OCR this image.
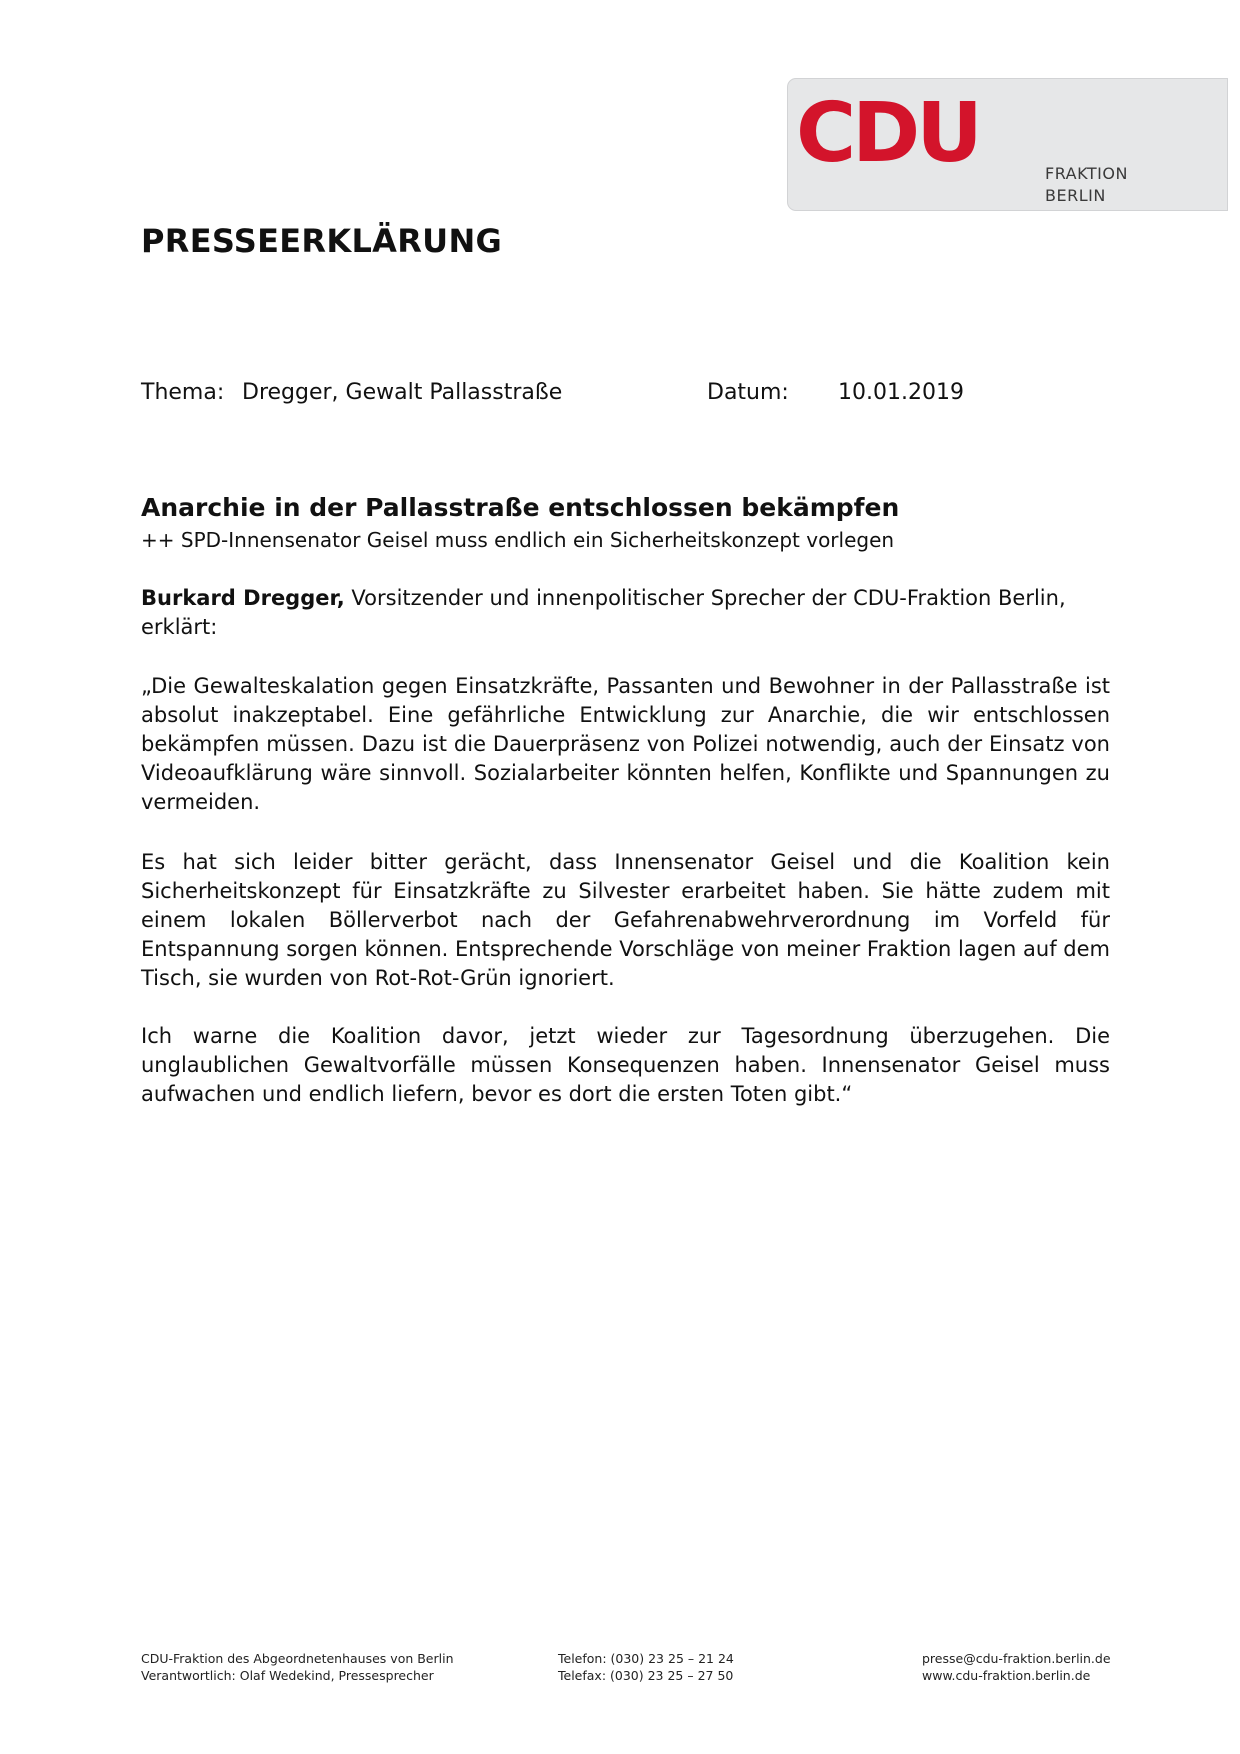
CDU	FRAKTION
BERLIN
PRESSEERKLÄRUNG
Thema: Dregger, Gewalt Pallasstraße	Datum: 10.01.2019
Anarchie in der Pallasstraße entschlossen bekämpfen
++ SPD-Innensenator Geisel muss endlich ein Sicherheitskonzept vorlegen
Burkard Dregger, Vorsitzender und innenpolitischer Sprecher der CDU-Fraktion Berlin, erklärt:
„Die Gewalteskalation gegen Einsatzkräfte, Passanten und Bewohner in der Pallasstraße ist absolut inakzeptabel. Eine gefährliche Entwicklung zur Anarchie, die wir entschlossen bekämpfen müssen. Dazu ist die Dauerpräsenz von Polizei notwendig, auch der Einsatz von Videoaufklärung wäre sinnvoll. Sozialarbeiter könnten helfen, Konflikte und Spannungen zu vermeiden.
Es hat sich leider bitter gerächt, dass Innensenator Geisel und die Koalition kein Sicherheitskonzept für Einsatzkräfte zu Silvester erarbeitet haben. Sie hätte zudem mit einem lokalen Böllerverbot nach der Gefahrenabwehrverordnung im Vorfeld für Entspannung sorgen können. Entsprechende Vorschläge von meiner Fraktion lagen auf dem Tisch, sie wurden von Rot-Rot-Grün ignoriert.
Ich warne die Koalition davor, jetzt wieder zur Tagesordnung überzugehen. Die unglaublichen Gewaltvorfälle müssen Konsequenzen haben. Innensenator Geisel muss aufwachen und endlich liefern, bevor es dort die ersten Toten gibt.“
CDU-Fraktion des Abgeordnetenhauses von Berlin
Verantwortlich: Olaf Wedekind, Pressesprecher
Telefon: (030) 23 25 – 21 24
Telefax: (030) 23 25 – 27 50
presse@cdu-fraktion.berlin.de
www.cdu-fraktion.berlin.de
